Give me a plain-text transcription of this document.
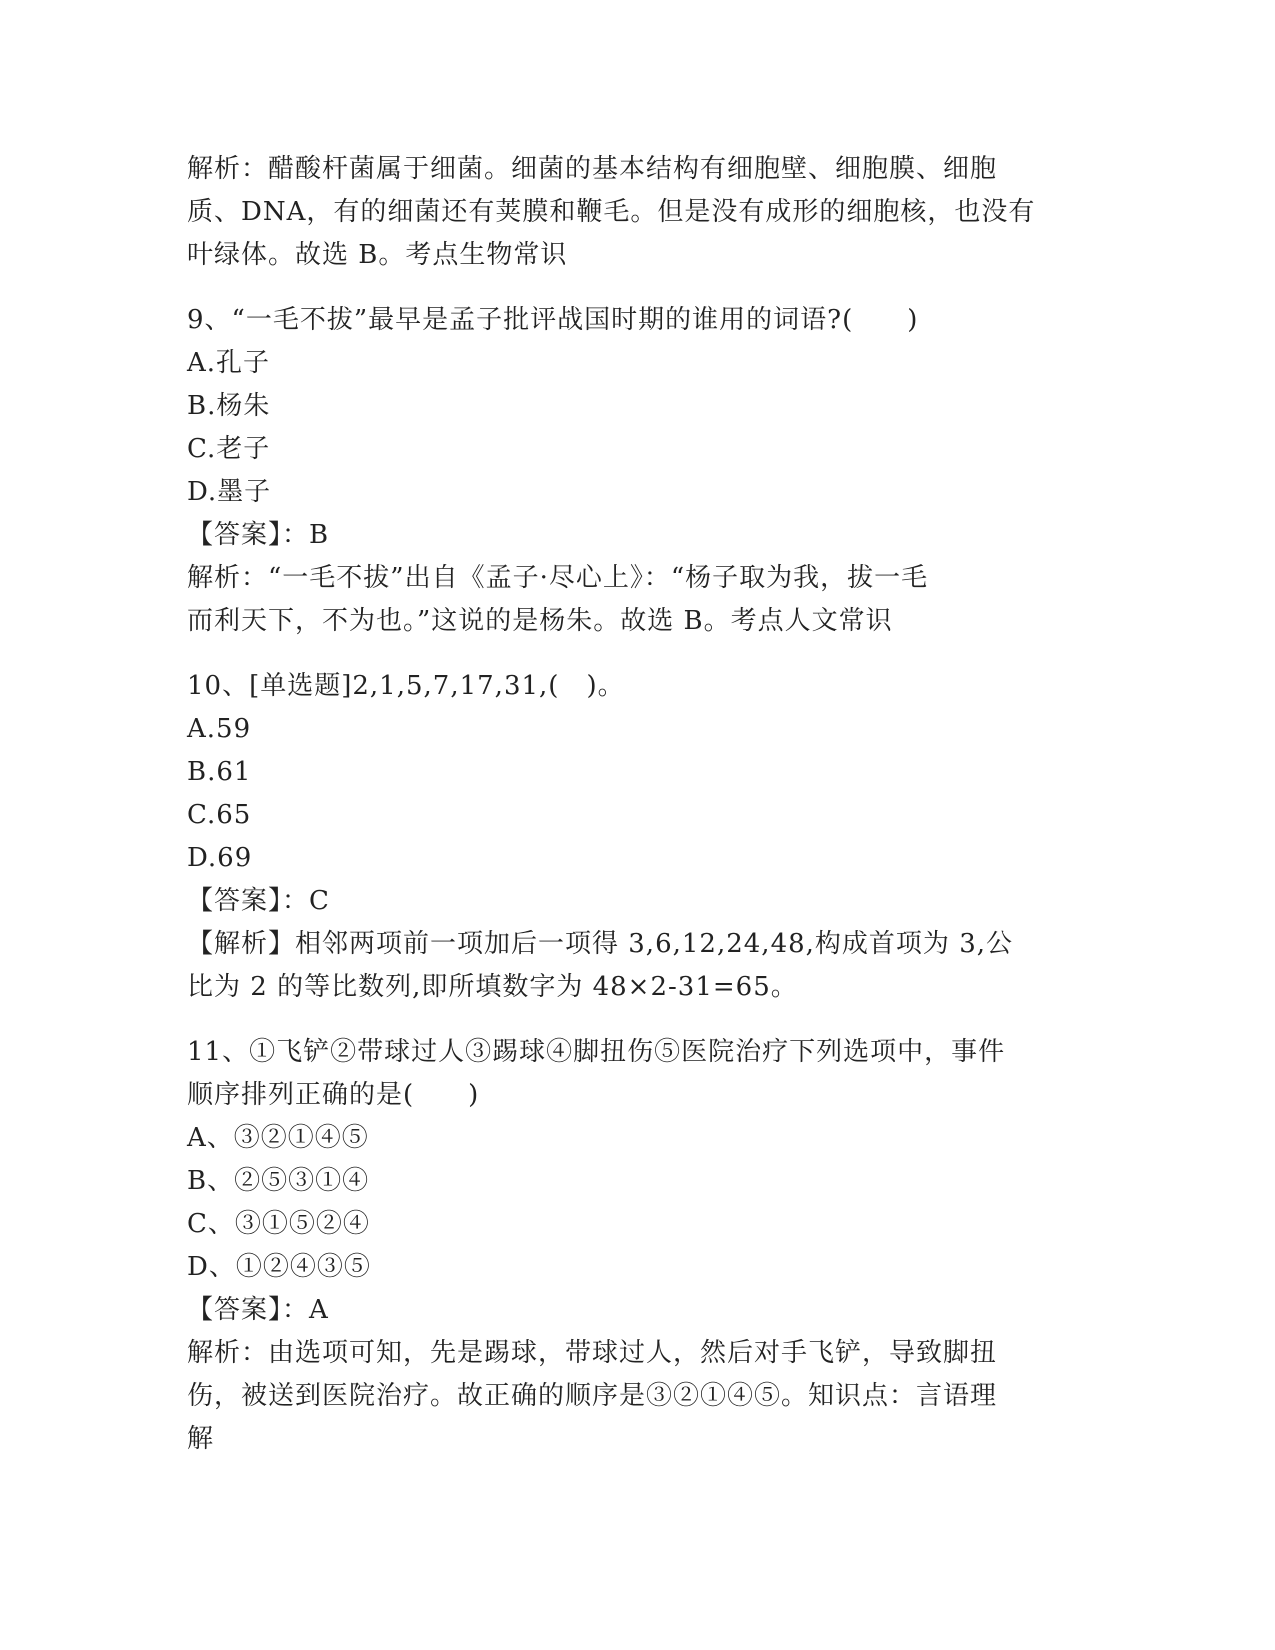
解析：醋酸杆菌属于细菌。细菌的基本结构有细胞壁、细胞膜、细胞
质、DNA，有的细菌还有荚膜和鞭毛。但是没有成形的细胞核，也没有
叶绿体。故选 B。考点生物常识
9、“一毛不拔”最早是孟子批评战国时期的谁用的词语?(　　)
A.孔子
B.杨朱
C.老子
D.墨子
【答案】：B
解析：“一毛不拔”出自《孟子·尽心上》：“杨子取为我，拔一毛
而利天下，不为也。”这说的是杨朱。故选 B。考点人文常识
10、[单选题]2,1,5,7,17,31,(　)。
A.59
B.61
C.65
D.69
【答案】：C
【解析】相邻两项前一项加后一项得 3,6,12,24,48,构成首项为 3,公
比为 2 的等比数列,即所填数字为 48×2-31=65。
11、①飞铲②带球过人③踢球④脚扭伤⑤医院治疗下列选项中，事件
顺序排列正确的是(　　)
A、③②①④⑤
B、②⑤③①④
C、③①⑤②④
D、①②④③⑤
【答案】：A
解析：由选项可知，先是踢球，带球过人，然后对手飞铲，导致脚扭
伤，被送到医院治疗。故正确的顺序是③②①④⑤。知识点：言语理
解
